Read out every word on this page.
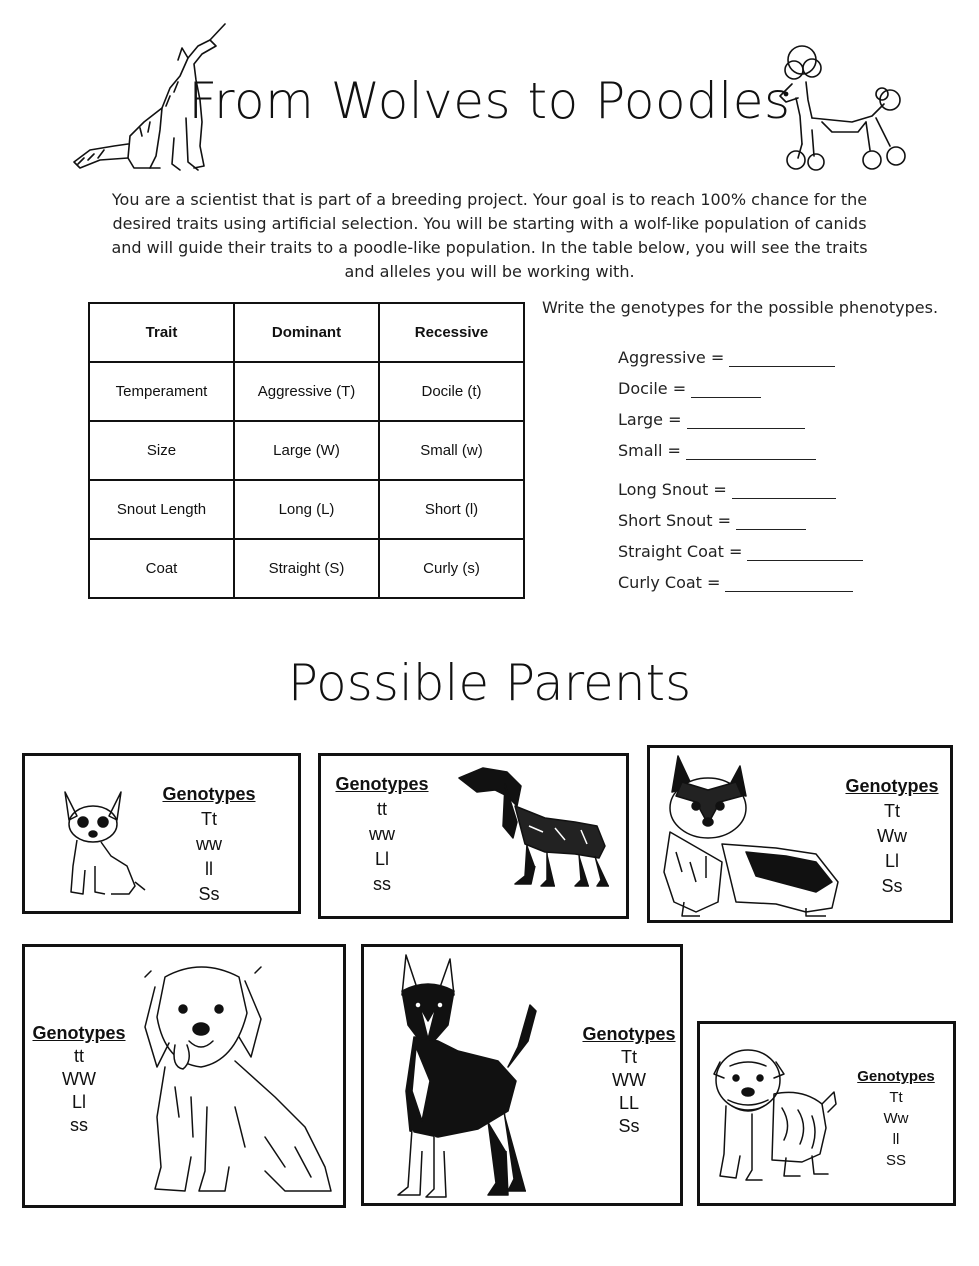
From Wolves to Poodles
You are a scientist that is part of a breeding project. Your goal is to reach 100% chance for the desired traits using artificial selection. You will be starting with a wolf-like population of canids and will guide their traits to a poodle-like population. In the table below, you will see the traits and alleles you will be working with.
Trait	Dominant	Recessive
Temperament	Aggressive (T)	Docile (t)
Size	Large (W)	Small (w)
Snout Length	Long (L)	Short (l)
Coat	Straight (S)	Curly (s)
Write the genotypes for the possible phenotypes.
Aggressive =
Docile =
Large =
Small =
Long Snout =
Short Snout =
Straight Coat =
Curly Coat =
Possible Parents
Genotypes
Tt
ww
ll
Ss
Genotypes
tt
ww
Ll
ss
Genotypes
Tt
Ww
Ll
Ss
Genotypes
tt
WW
Ll
ss
Genotypes
Tt
WW
LL
Ss
Genotypes
Tt
Ww
ll
SS
